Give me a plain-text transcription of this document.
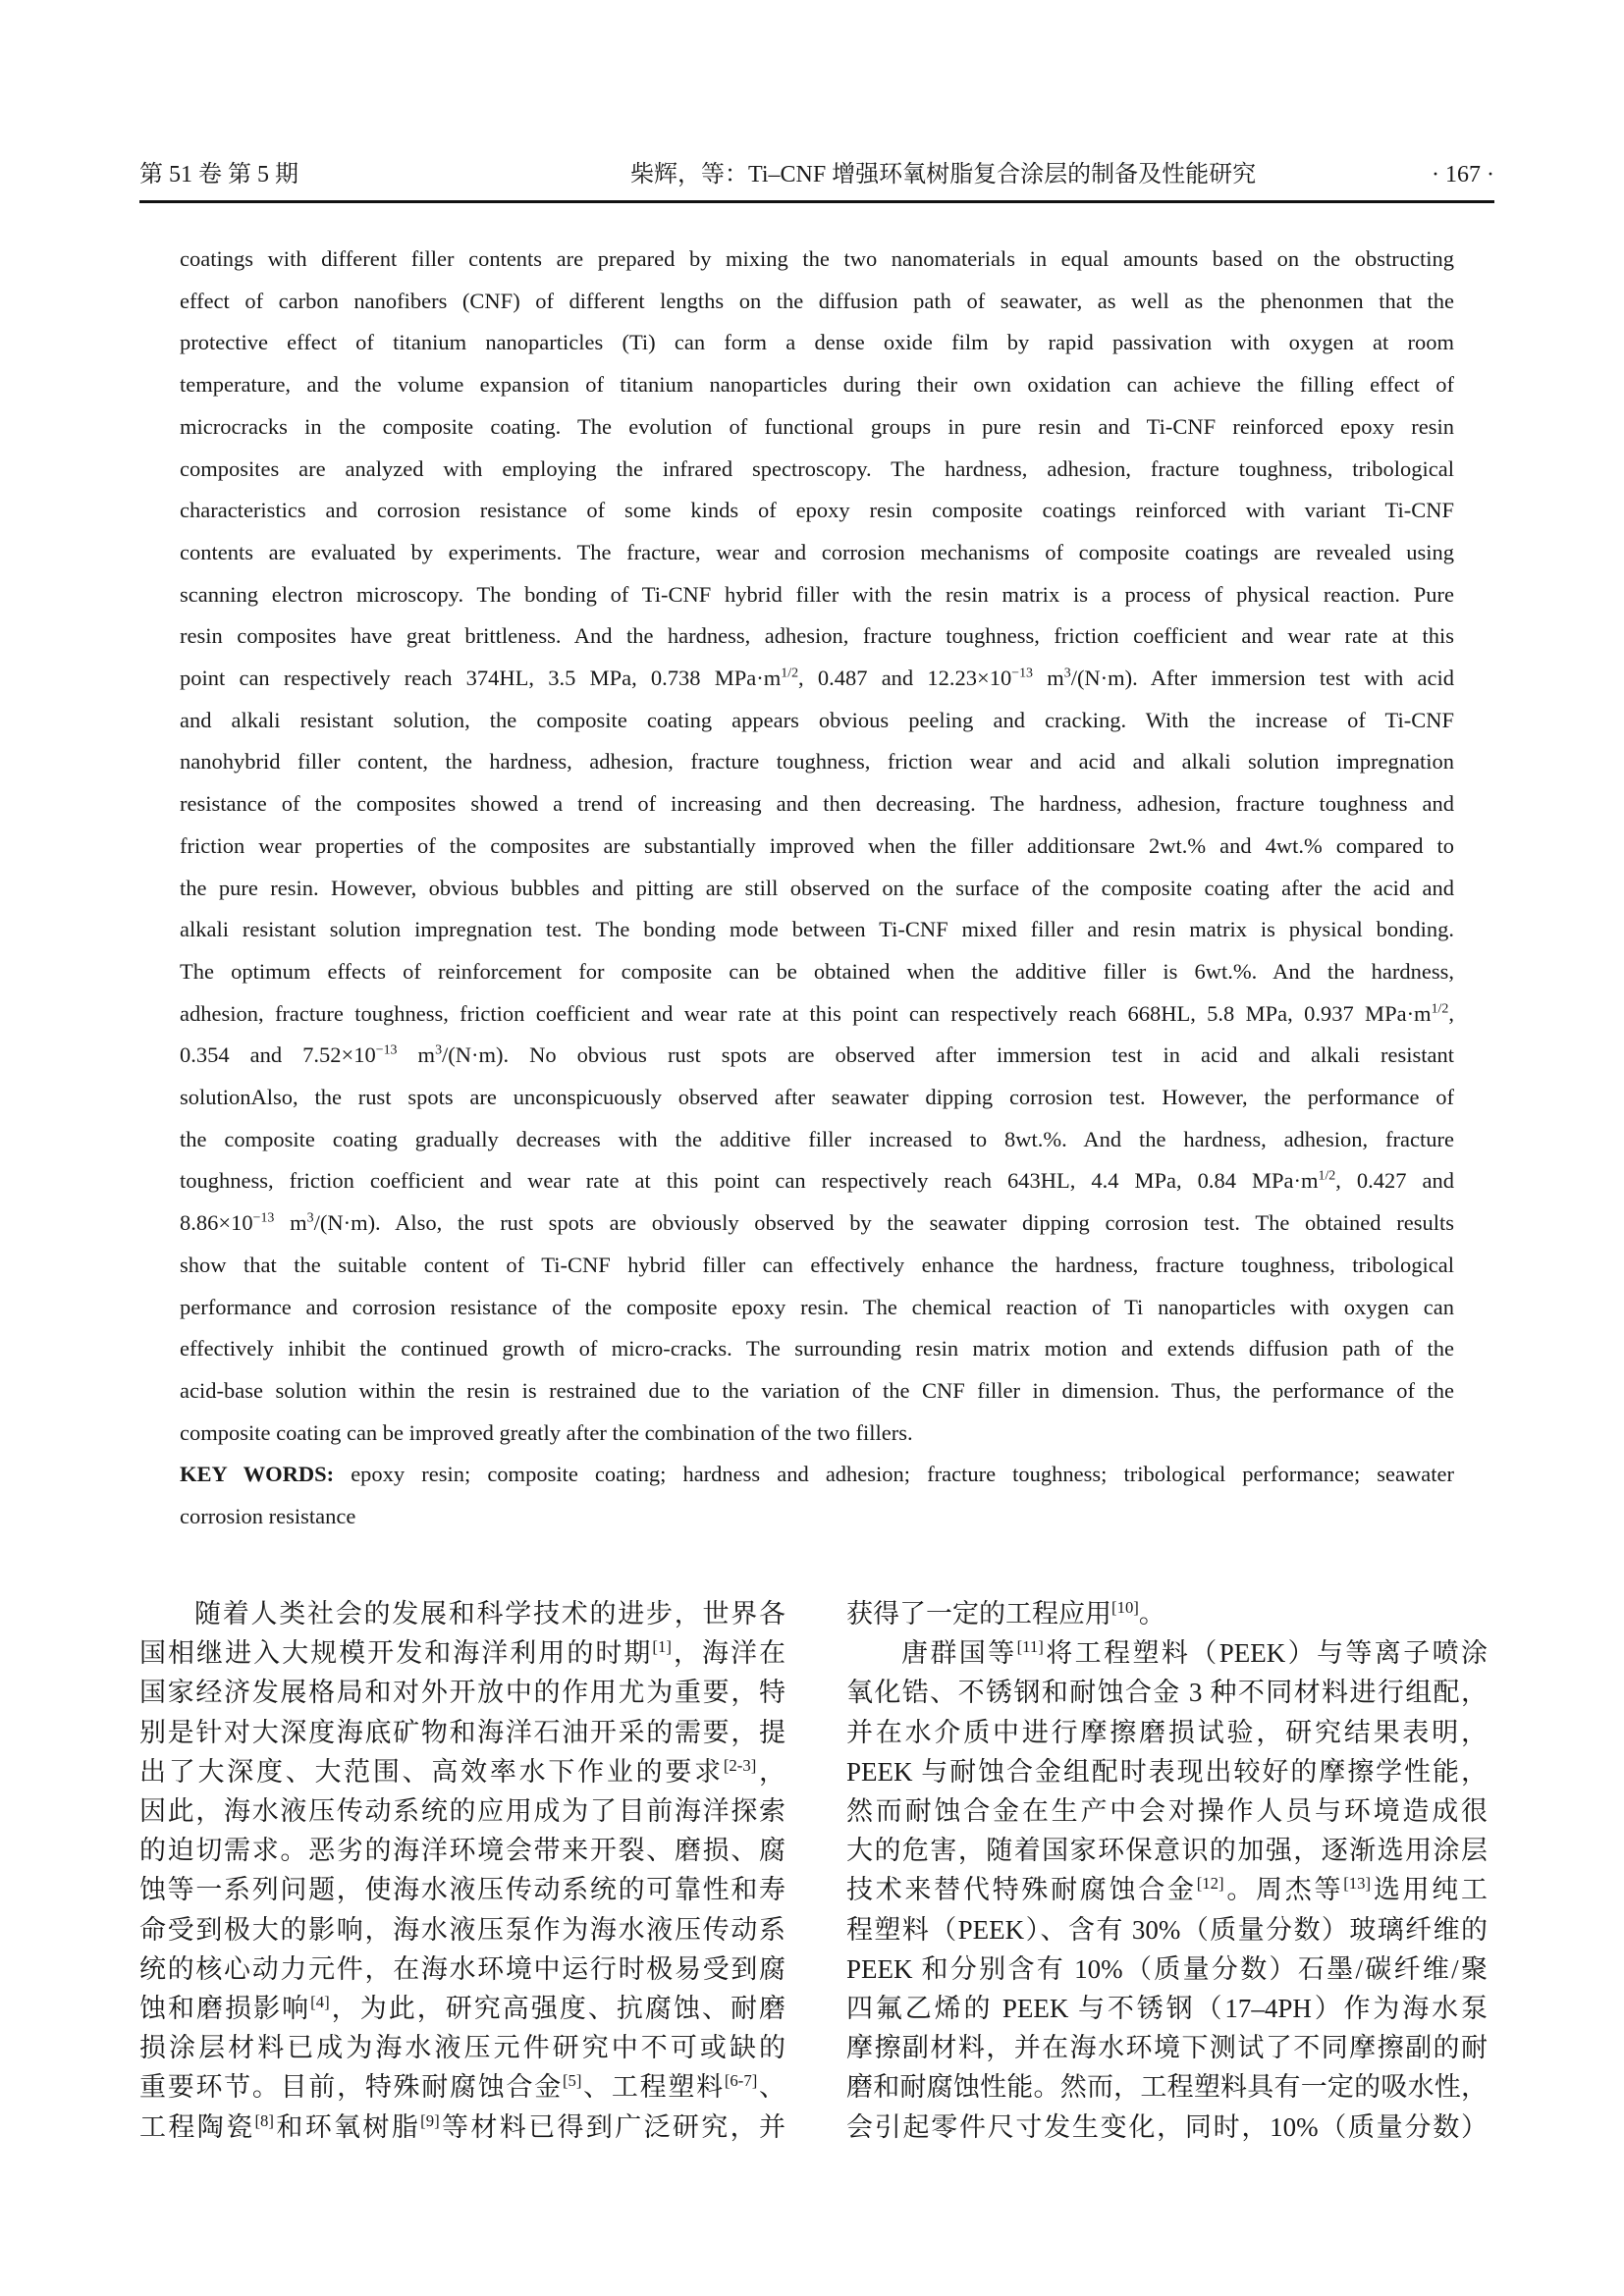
第 51 卷 第 5 期	柴辉，等：Ti–CNF 增强环氧树脂复合涂层的制备及性能研究	· 167 ·
coatings with different filler contents are prepared by mixing the two nanomaterials in equal amounts based on the obstructing
effect of carbon nanofibers (CNF) of different lengths on the diffusion path of seawater, as well as the phenonmen that the
protective effect of titanium nanoparticles (Ti) can form a dense oxide film by rapid passivation with oxygen at room
temperature, and the volume expansion of titanium nanoparticles during their own oxidation can achieve the filling effect of
microcracks in the composite coating. The evolution of functional groups in pure resin and Ti-CNF reinforced epoxy resin
composites are analyzed with employing the infrared spectroscopy. The hardness, adhesion, fracture toughness, tribological
characteristics and corrosion resistance of some kinds of epoxy resin composite coatings reinforced with variant Ti-CNF
contents are evaluated by experiments. The fracture, wear and corrosion mechanisms of composite coatings are revealed using
scanning electron microscopy. The bonding of Ti-CNF hybrid filler with the resin matrix is a process of physical reaction. Pure
resin composites have great brittleness. And the hardness, adhesion, fracture toughness, friction coefficient and wear rate at this
point can respectively reach 374HL, 3.5 MPa, 0.738 $MPa\cdot m^{1/2}$, 0.487 and $12.23\times 10^{-13}$ $m^3/(N\cdot m)$. After immersion test with acid
and alkali resistant solution, the composite coating appears obvious peeling and cracking. With the increase of Ti-CNF
nanohybrid filler content, the hardness, adhesion, fracture toughness, friction wear and acid and alkali solution impregnation
resistance of the composites showed a trend of increasing and then decreasing. The hardness, adhesion, fracture toughness and
friction wear properties of the composites are substantially improved when the filler additionsare 2wt.% and 4wt.% compared to
the pure resin. However, obvious bubbles and pitting are still observed on the surface of the composite coating after the acid and
alkali resistant solution impregnation test. The bonding mode between Ti-CNF mixed filler and resin matrix is physical bonding.
The optimum effects of reinforcement for composite can be obtained when the additive filler is 6wt.%. And the hardness,
adhesion, fracture toughness, friction coefficient and wear rate at this point can respectively reach 668HL, 5.8 MPa, 0.937 $MPa\cdot m^{1/2}$,
0.354 and $7.52\times 10^{-13}$ $m^3/(N\cdot m)$. No obvious rust spots are observed after immersion test in acid and alkali resistant
solutionAlso, the rust spots are unconspicuously observed after seawater dipping corrosion test. However, the performance of
the composite coating gradually decreases with the additive filler increased to 8wt.%. And the hardness, adhesion, fracture
toughness, friction coefficient and wear rate at this point can respectively reach 643HL, 4.4 MPa, 0.84 $MPa\cdot m^{1/2}$, 0.427 and
$8.86\times 10^{-13}$ $m^3/(N\cdot m)$. Also, the rust spots are obviously observed by the seawater dipping corrosion test. The obtained results
show that the suitable content of Ti-CNF hybrid filler can effectively enhance the hardness, fracture toughness, tribological
performance and corrosion resistance of the composite epoxy resin. The chemical reaction of Ti nanoparticles with oxygen can
effectively inhibit the continued growth of micro-cracks. The surrounding resin matrix motion and extends diffusion path of the
acid-base solution within the resin is restrained due to the variation of the CNF filler in dimension. Thus, the performance of the
composite coating can be improved greatly after the combination of the two fillers.
KEY WORDS: epoxy resin; composite coating; hardness and adhesion; fracture toughness; tribological performance; seawater
corrosion resistance
随着人类社会的发展和科学技术的进步，世界各
国相继进入大规模开发和海洋利用的时期[1]，海洋在
国家经济发展格局和对外开放中的作用尤为重要，特
别是针对大深度海底矿物和海洋石油开采的需要，提
出了大深度、大范围、高效率水下作业的要求[2-3]，
因此，海水液压传动系统的应用成为了目前海洋探索
的迫切需求。恶劣的海洋环境会带来开裂、磨损、腐
蚀等一系列问题，使海水液压传动系统的可靠性和寿
命受到极大的影响，海水液压泵作为海水液压传动系
统的核心动力元件，在海水环境中运行时极易受到腐
蚀和磨损影响[4]，为此，研究高强度、抗腐蚀、耐磨
损涂层材料已成为海水液压元件研究中不可或缺的
重要环节。目前，特殊耐腐蚀合金[5]、工程塑料[6-7]、
工程陶瓷[8]和环氧树脂[9]等材料已得到广泛研究，并
获得了一定的工程应用[10]。
唐群国等[11]将工程塑料（PEEK）与等离子喷涂
氧化锆、不锈钢和耐蚀合金 3 种不同材料进行组配，
并在水介质中进行摩擦磨损试验，研究结果表明，
PEEK 与耐蚀合金组配时表现出较好的摩擦学性能，
然而耐蚀合金在生产中会对操作人员与环境造成很
大的危害，随着国家环保意识的加强，逐渐选用涂层
技术来替代特殊耐腐蚀合金[12]。周杰等[13]选用纯工
程塑料（PEEK）、含有 30%（质量分数）玻璃纤维的
PEEK 和分别含有 10%（质量分数）石墨/碳纤维/聚
四氟乙烯的 PEEK 与不锈钢（17–4PH）作为海水泵
摩擦副材料，并在海水环境下测试了不同摩擦副的耐
磨和耐腐蚀性能。然而，工程塑料具有一定的吸水性，
会引起零件尺寸发生变化，同时，10%（质量分数）
